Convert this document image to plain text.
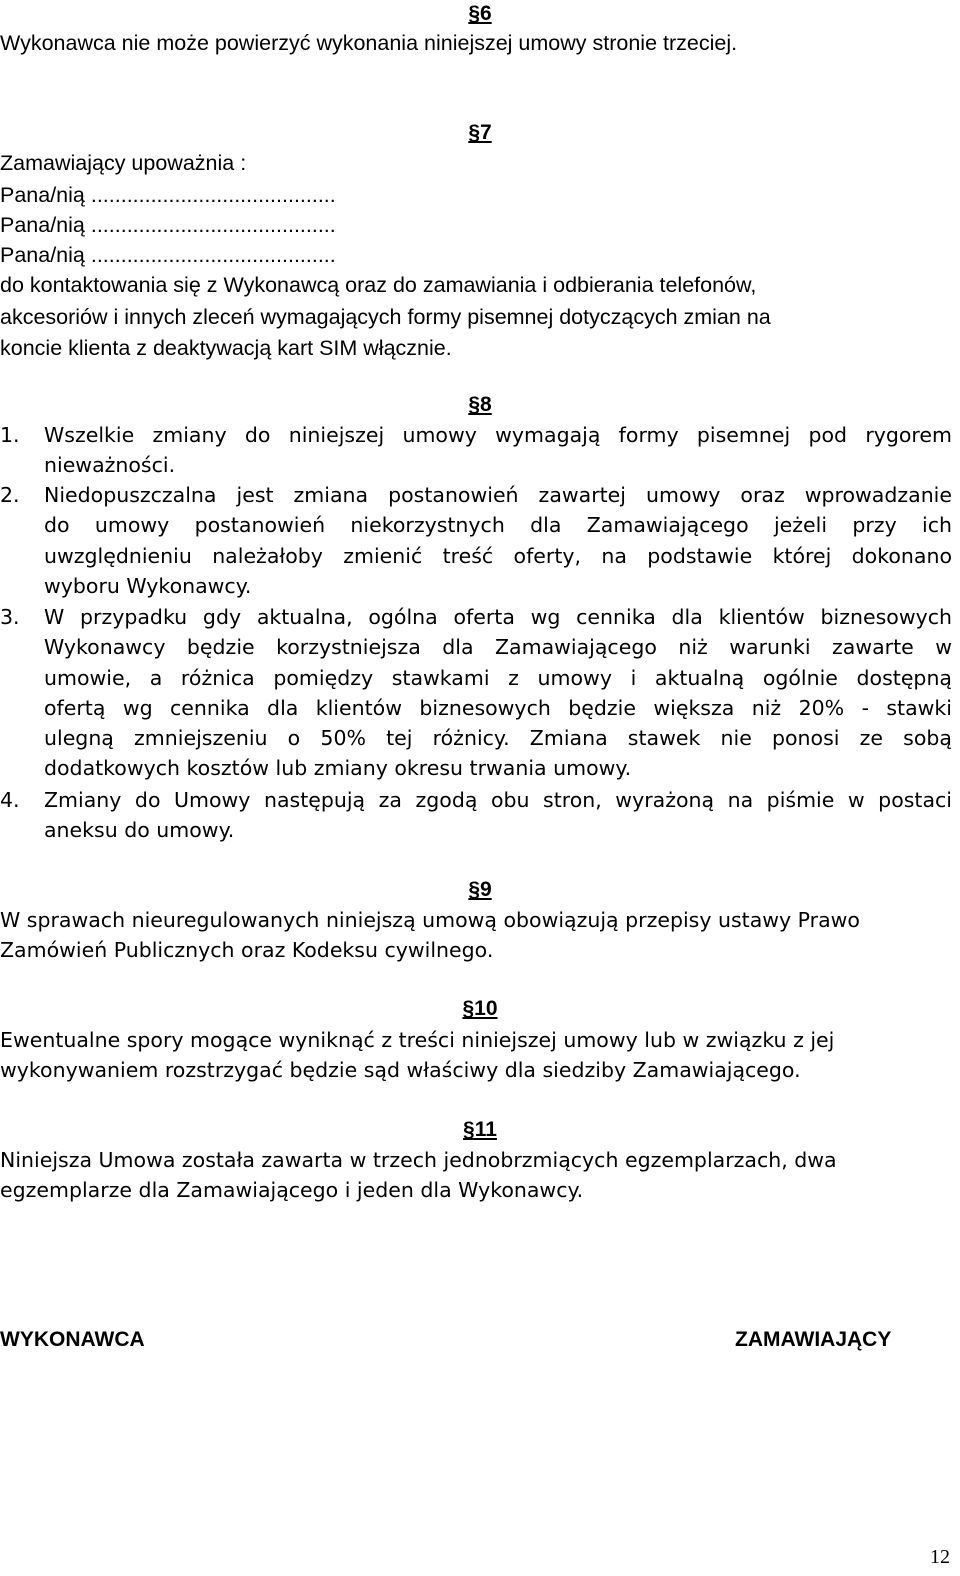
§6
Wykonawca nie może powierzyć wykonania niniejszej umowy stronie trzeciej.
§7
Zamawiający upoważnia :
Pana/nią .........................................
Pana/nią .........................................
Pana/nią .........................................
do kontaktowania się z Wykonawcą oraz do zamawiania i odbierania telefonów,
akcesoriów i innych zleceń wymagających formy pisemnej dotyczących zmian na
koncie klienta z deaktywacją kart SIM włącznie.
§8
1. Wszelkie zmiany do niniejszej umowy wymagają formy pisemnej pod rygorem
nieważności.
2. Niedopuszczalna jest zmiana postanowień zawartej umowy oraz wprowadzanie
do umowy postanowień niekorzystnych dla Zamawiającego jeżeli przy ich
uwzględnieniu należałoby zmienić treść oferty, na podstawie której dokonano
wyboru Wykonawcy.
3. W przypadku gdy aktualna, ogólna oferta wg cennika dla klientów biznesowych
Wykonawcy będzie korzystniejsza dla Zamawiającego niż warunki zawarte w
umowie, a różnica pomiędzy stawkami z umowy i aktualną ogólnie dostępną
ofertą wg cennika dla klientów biznesowych będzie większa niż 20% - stawki
ulegną zmniejszeniu o 50% tej różnicy. Zmiana stawek nie ponosi ze sobą
dodatkowych kosztów lub zmiany okresu trwania umowy.
4. Zmiany do Umowy następują za zgodą obu stron, wyrażoną na piśmie w postaci
aneksu do umowy.
§9
W sprawach nieuregulowanych niniejszą umową obowiązują przepisy ustawy Prawo
Zamówień Publicznych oraz Kodeksu cywilnego.
§10
Ewentualne spory mogące wyniknąć z treści niniejszej umowy lub w związku z jej
wykonywaniem rozstrzygać będzie sąd właściwy dla siedziby Zamawiającego.
§11
Niniejsza Umowa została zawarta w trzech jednobrzmiących egzemplarzach, dwa
egzemplarze dla Zamawiającego i jeden dla Wykonawcy.
WYKONAWCA	ZAMAWIAJĄCY
12
